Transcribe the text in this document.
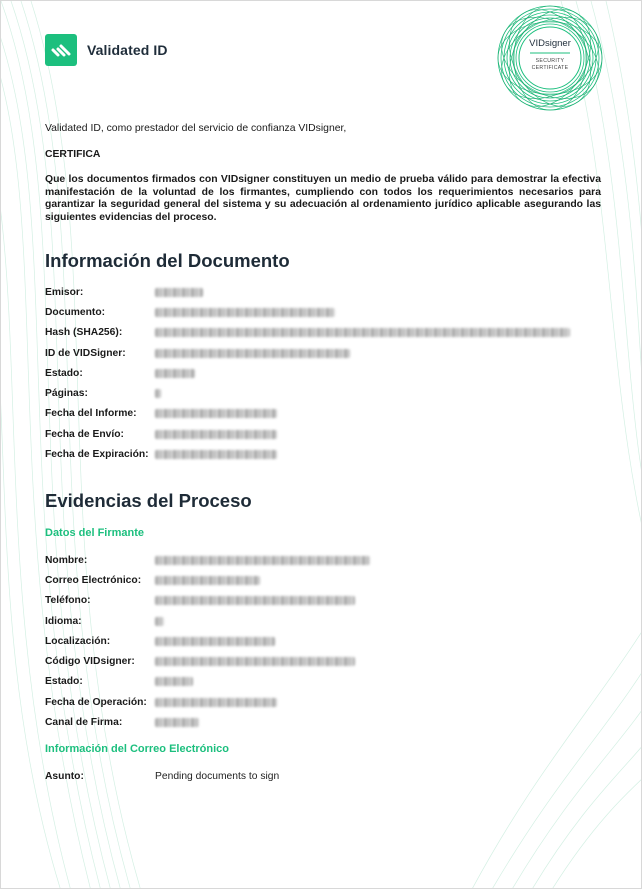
Validated ID	VIDsigner
SECURITY
CERTIFICATE

Validated ID, como prestador del servicio de confianza VIDsigner,

CERTIFICA

Que los documentos firmados con VIDsigner constituyen un medio de prueba válido para demostrar la efectiva manifestación de la voluntad de los firmantes, cumpliendo con todos los requerimientos necesarios para garantizar la seguridad general del sistema y su adecuación al ordenamiento jurídico aplicable asegurando las siguientes evidencias del proceso.

Información del Documento
Emisor:
Documento:
Hash (SHA256):
ID de VIDSigner:
Estado:
Páginas:
Fecha del Informe:
Fecha de Envío:
Fecha de Expiración:
Evidencias del Proceso
Datos del Firmante
Nombre:
Correo Electrónico:
Teléfono:
Idioma:
Localización:
Código VIDsigner:
Estado:
Fecha de Operación:
Canal de Firma:
Información del Correo Electrónico
Asunto:	Pending documents to sign
